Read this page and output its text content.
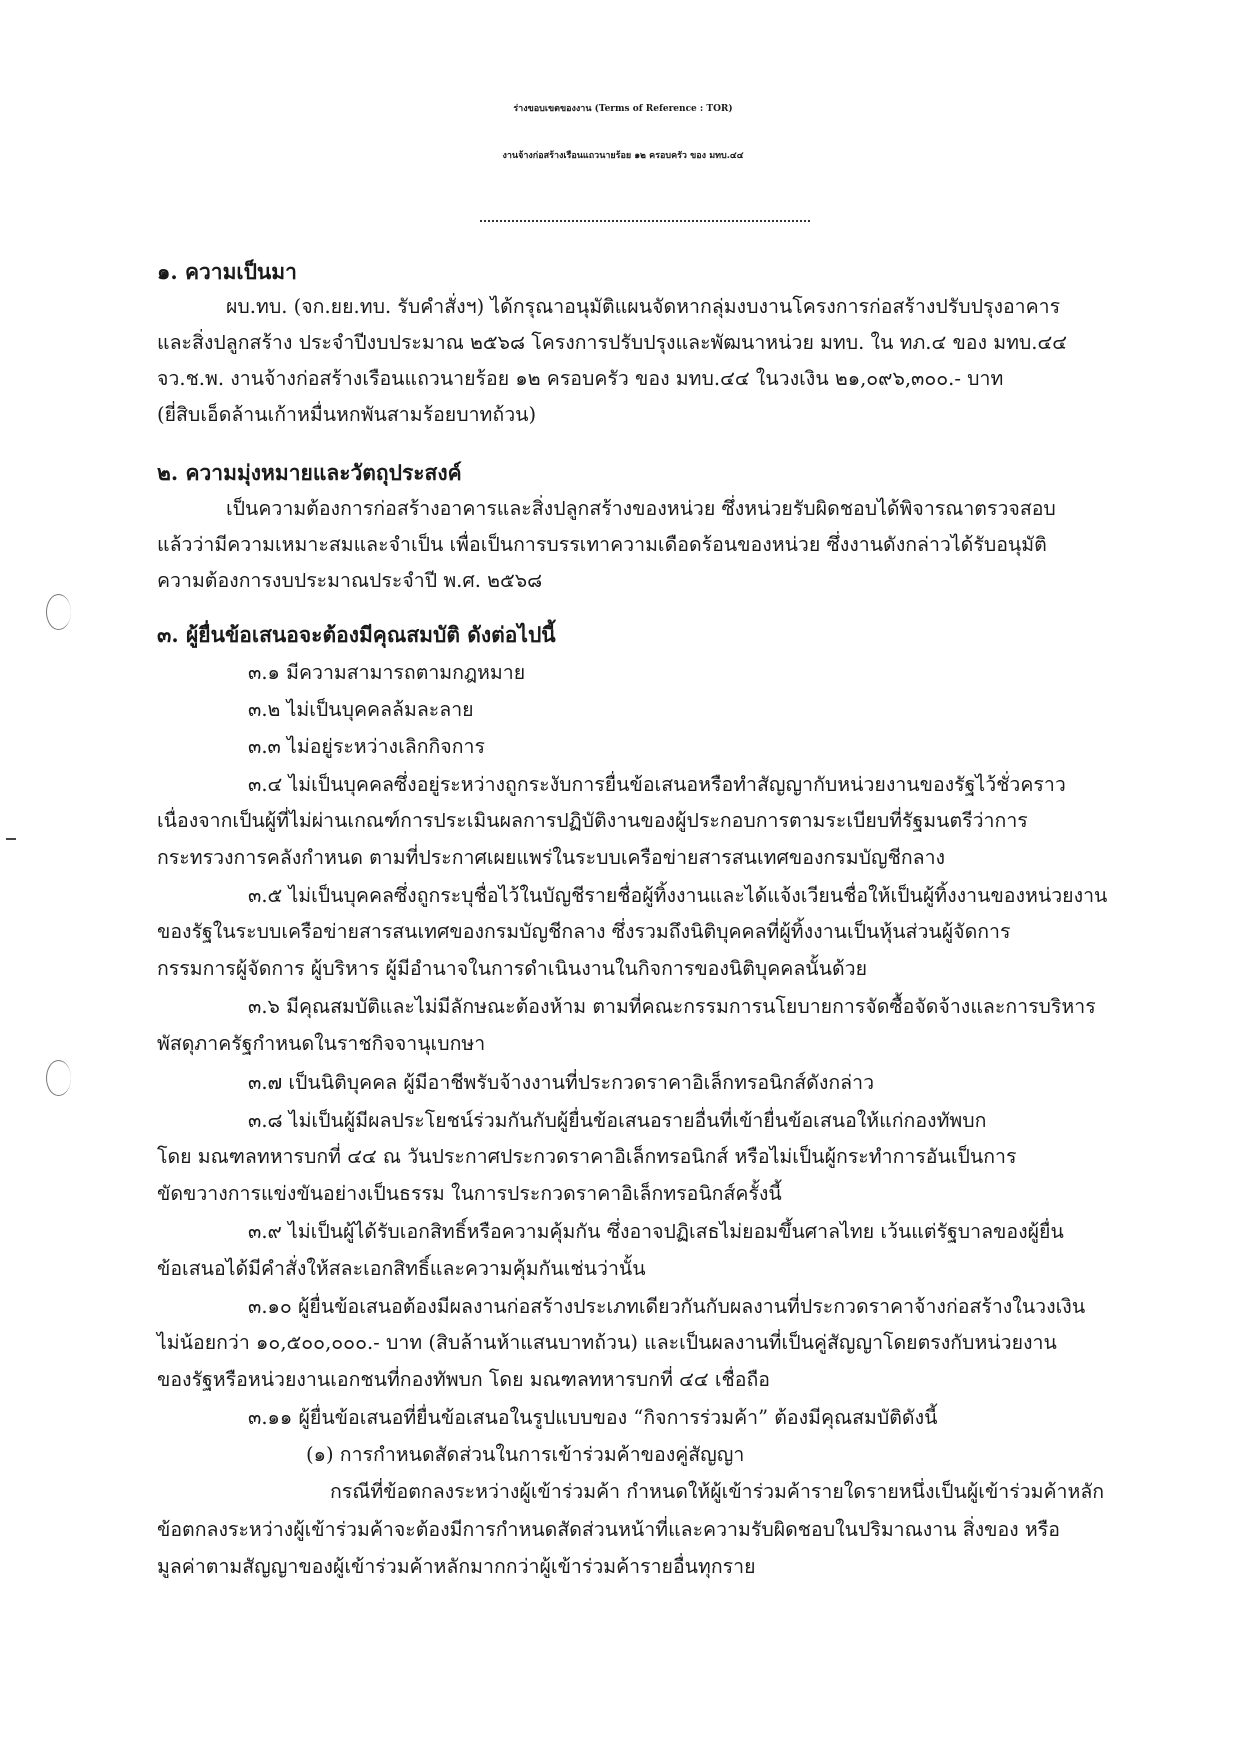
ร่างขอบเขตของงาน (Terms of Reference : TOR)
งานจ้างก่อสร้างเรือนแถวนายร้อย ๑๒ ครอบครัว ของ มทบ.๔๔
๑. ความเป็นมา
ผบ.ทบ. (จก.ยย.ทบ. รับคำสั่งฯ) ได้กรุณาอนุมัติแผนจัดหากลุ่มงบงานโครงการก่อสร้างปรับปรุงอาคาร
และสิ่งปลูกสร้าง ประจำปีงบประมาณ ๒๕๖๘ โครงการปรับปรุงและพัฒนาหน่วย มทบ. ใน ทภ.๔ ของ มทบ.๔๔
จว.ช.พ. งานจ้างก่อสร้างเรือนแถวนายร้อย ๑๒ ครอบครัว ของ มทบ.๔๔ ในวงเงิน ๒๑,๐๙๖,๓๐๐.- บาท
(ยี่สิบเอ็ดล้านเก้าหมื่นหกพันสามร้อยบาทถ้วน)
๒. ความมุ่งหมายและวัตถุประสงค์
เป็นความต้องการก่อสร้างอาคารและสิ่งปลูกสร้างของหน่วย ซึ่งหน่วยรับผิดชอบได้พิจารณาตรวจสอบ
แล้วว่ามีความเหมาะสมและจำเป็น เพื่อเป็นการบรรเทาความเดือดร้อนของหน่วย ซึ่งงานดังกล่าวได้รับอนุมัติ
ความต้องการงบประมาณประจำปี พ.ศ. ๒๕๖๘
๓. ผู้ยื่นข้อเสนอจะต้องมีคุณสมบัติ ดังต่อไปนี้
๓.๑ มีความสามารถตามกฎหมาย
๓.๒ ไม่เป็นบุคคลล้มละลาย
๓.๓ ไม่อยู่ระหว่างเลิกกิจการ
๓.๔ ไม่เป็นบุคคลซึ่งอยู่ระหว่างถูกระงับการยื่นข้อเสนอหรือทำสัญญากับหน่วยงานของรัฐไว้ชั่วคราว
เนื่องจากเป็นผู้ที่ไม่ผ่านเกณฑ์การประเมินผลการปฏิบัติงานของผู้ประกอบการตามระเบียบที่รัฐมนตรีว่าการ
กระทรวงการคลังกำหนด ตามที่ประกาศเผยแพร่ในระบบเครือข่ายสารสนเทศของกรมบัญชีกลาง
๓.๕ ไม่เป็นบุคคลซึ่งถูกระบุชื่อไว้ในบัญชีรายชื่อผู้ทิ้งงานและได้แจ้งเวียนชื่อให้เป็นผู้ทิ้งงานของหน่วยงาน
ของรัฐในระบบเครือข่ายสารสนเทศของกรมบัญชีกลาง ซึ่งรวมถึงนิติบุคคลที่ผู้ทิ้งงานเป็นหุ้นส่วนผู้จัดการ
กรรมการผู้จัดการ ผู้บริหาร ผู้มีอำนาจในการดำเนินงานในกิจการของนิติบุคคลนั้นด้วย
๓.๖ มีคุณสมบัติและไม่มีลักษณะต้องห้าม ตามที่คณะกรรมการนโยบายการจัดซื้อจัดจ้างและการบริหาร
พัสดุภาครัฐกำหนดในราชกิจจานุเบกษา
๓.๗ เป็นนิติบุคคล ผู้มีอาชีพรับจ้างงานที่ประกวดราคาอิเล็กทรอนิกส์ดังกล่าว
๓.๘ ไม่เป็นผู้มีผลประโยชน์ร่วมกันกับผู้ยื่นข้อเสนอรายอื่นที่เข้ายื่นข้อเสนอให้แก่กองทัพบก
โดย มณฑลทหารบกที่ ๔๔ ณ วันประกาศประกวดราคาอิเล็กทรอนิกส์ หรือไม่เป็นผู้กระทำการอันเป็นการ
ขัดขวางการแข่งขันอย่างเป็นธรรม ในการประกวดราคาอิเล็กทรอนิกส์ครั้งนี้
๓.๙ ไม่เป็นผู้ได้รับเอกสิทธิ์หรือความคุ้มกัน ซึ่งอาจปฏิเสธไม่ยอมขึ้นศาลไทย เว้นแต่รัฐบาลของผู้ยื่น
ข้อเสนอได้มีคำสั่งให้สละเอกสิทธิ์และความคุ้มกันเช่นว่านั้น
๓.๑๐ ผู้ยื่นข้อเสนอต้องมีผลงานก่อสร้างประเภทเดียวกันกับผลงานที่ประกวดราคาจ้างก่อสร้างในวงเงิน
ไม่น้อยกว่า ๑๐,๕๐๐,๐๐๐.- บาท (สิบล้านห้าแสนบาทถ้วน) และเป็นผลงานที่เป็นคู่สัญญาโดยตรงกับหน่วยงาน
ของรัฐหรือหน่วยงานเอกชนที่กองทัพบก โดย มณฑลทหารบกที่ ๔๔ เชื่อถือ
๓.๑๑ ผู้ยื่นข้อเสนอที่ยื่นข้อเสนอในรูปแบบของ “กิจการร่วมค้า” ต้องมีคุณสมบัติดังนี้
(๑) การกำหนดสัดส่วนในการเข้าร่วมค้าของคู่สัญญา
กรณีที่ข้อตกลงระหว่างผู้เข้าร่วมค้า กำหนดให้ผู้เข้าร่วมค้ารายใดรายหนึ่งเป็นผู้เข้าร่วมค้าหลัก
ข้อตกลงระหว่างผู้เข้าร่วมค้าจะต้องมีการกำหนดสัดส่วนหน้าที่และความรับผิดชอบในปริมาณงาน สิ่งของ หรือ
มูลค่าตามสัญญาของผู้เข้าร่วมค้าหลักมากกว่าผู้เข้าร่วมค้ารายอื่นทุกราย
